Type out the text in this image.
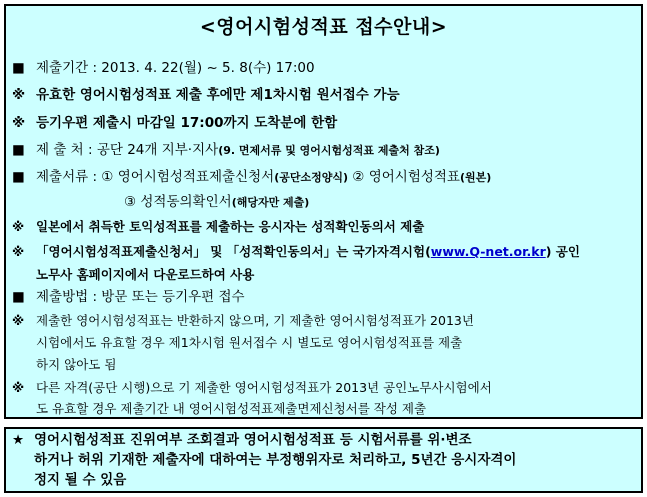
<영어시험성적표 접수안내>
■ 제출기간 : 2013. 4. 22(월) ~ 5. 8(수) 17:00
※ 유효한 영어시험성적표 제출 후에만 제1차시험 원서접수 가능
※ 등기우편 제출시 마감일 17:00까지 도착분에 한함
■ 제 출 처 : 공단 24개 지부·지사(9. 면제서류 및 영어시험성적표 제출처 참조)
■ 제출서류 : ① 영어시험성적표제출신청서(공단소정양식) ② 영어시험성적표(원본)
③ 성적동의확인서(해당자만 제출)
※ 일본에서 취득한 토익성적표를 제출하는 응시자는 성적확인동의서 제출
※ 「영어시험성적표제출신청서」 및 「성적확인동의서」는 국가자격시험(www.Q-net.or.kr) 공인
노무사 홈페이지에서 다운로드하여 사용
■ 제출방법 : 방문 또는 등기우편 접수
※ 제출한 영어시험성적표는 반환하지 않으며, 기 제출한 영어시험성적표가 2013년
시험에서도 유효할 경우 제1차시험 원서접수 시 별도로 영어시험성적표를 제출
하지 않아도 됨
※ 다른 자격(공단 시행)으로 기 제출한 영어시험성적표가 2013년 공인노무사시험에서
도 유효할 경우 제출기간 내 영어시험성적표제출면제신청서를 작성 제출
★ 영어시험성적표 진위여부 조회결과 영어시험성적표 등 시험서류를 위·변조
하거나 허위 기재한 제출자에 대하여는 부정행위자로 처리하고, 5년간 응시자격이
정지 될 수 있음
